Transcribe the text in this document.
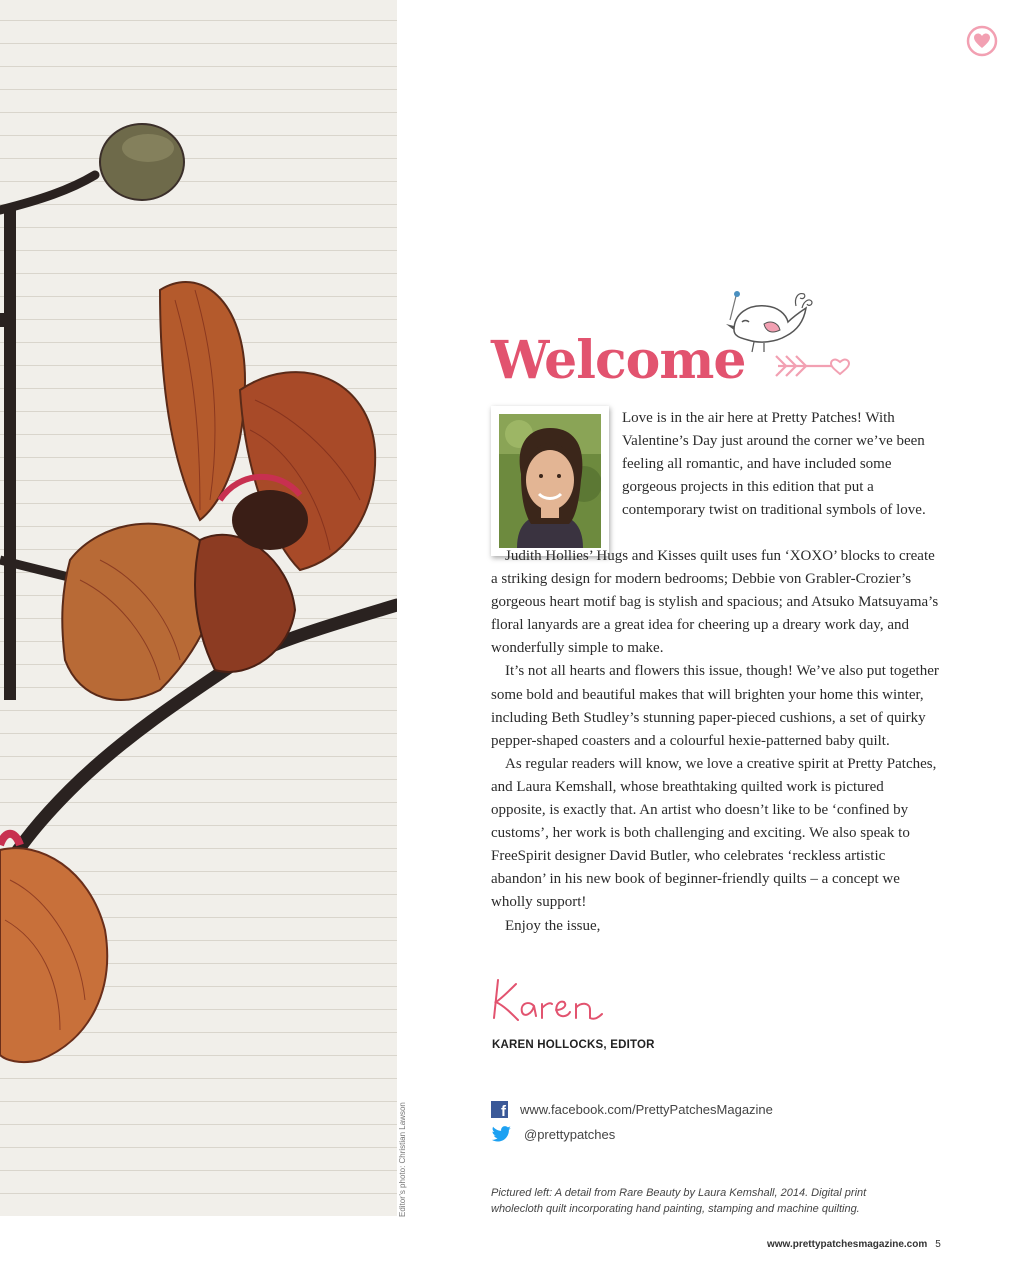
Editor’s photo: Christian Lawson
Welcome
Love is in the air here at Pretty Patches! With Valentine’s Day just around the corner we’ve been feeling all romantic, and have included some gorgeous projects in this edition that put a contemporary twist on traditional symbols of love.

Judith Hollies’ Hugs and Kisses quilt uses fun ‘XOXO’ blocks to create a striking design for modern bedrooms; Debbie von Grabler-Crozier’s gorgeous heart motif bag is stylish and spacious; and Atsuko Matsuyama’s floral lanyards are a great idea for cheering up a dreary work day, and wonderfully simple to make.

It’s not all hearts and flowers this issue, though! We’ve also put together some bold and beautiful makes that will brighten your home this winter, including Beth Studley’s stunning paper-pieced cushions, a set of quirky pepper-shaped coasters and a colourful hexie-patterned baby quilt.

As regular readers will know, we love a creative spirit at Pretty Patches, and Laura Kemshall, whose breathtaking quilted work is pictured opposite, is exactly that. An artist who doesn’t like to be ‘confined by customs’, her work is both challenging and exciting. We also speak to FreeSpirit designer David Butler, who celebrates ‘reckless artistic abandon’ in his new book of beginner-friendly quilts – a concept we wholly support!

Enjoy the issue,

KAREN HOLLOCKS, EDITOR
f www.facebook.com/PrettyPatchesMagazine
@prettypatches
Pictured left: A detail from Rare Beauty by Laura Kemshall, 2014. Digital print wholecloth quilt incorporating hand painting, stamping and machine quilting.
www.prettypatchesmagazine.com 5
